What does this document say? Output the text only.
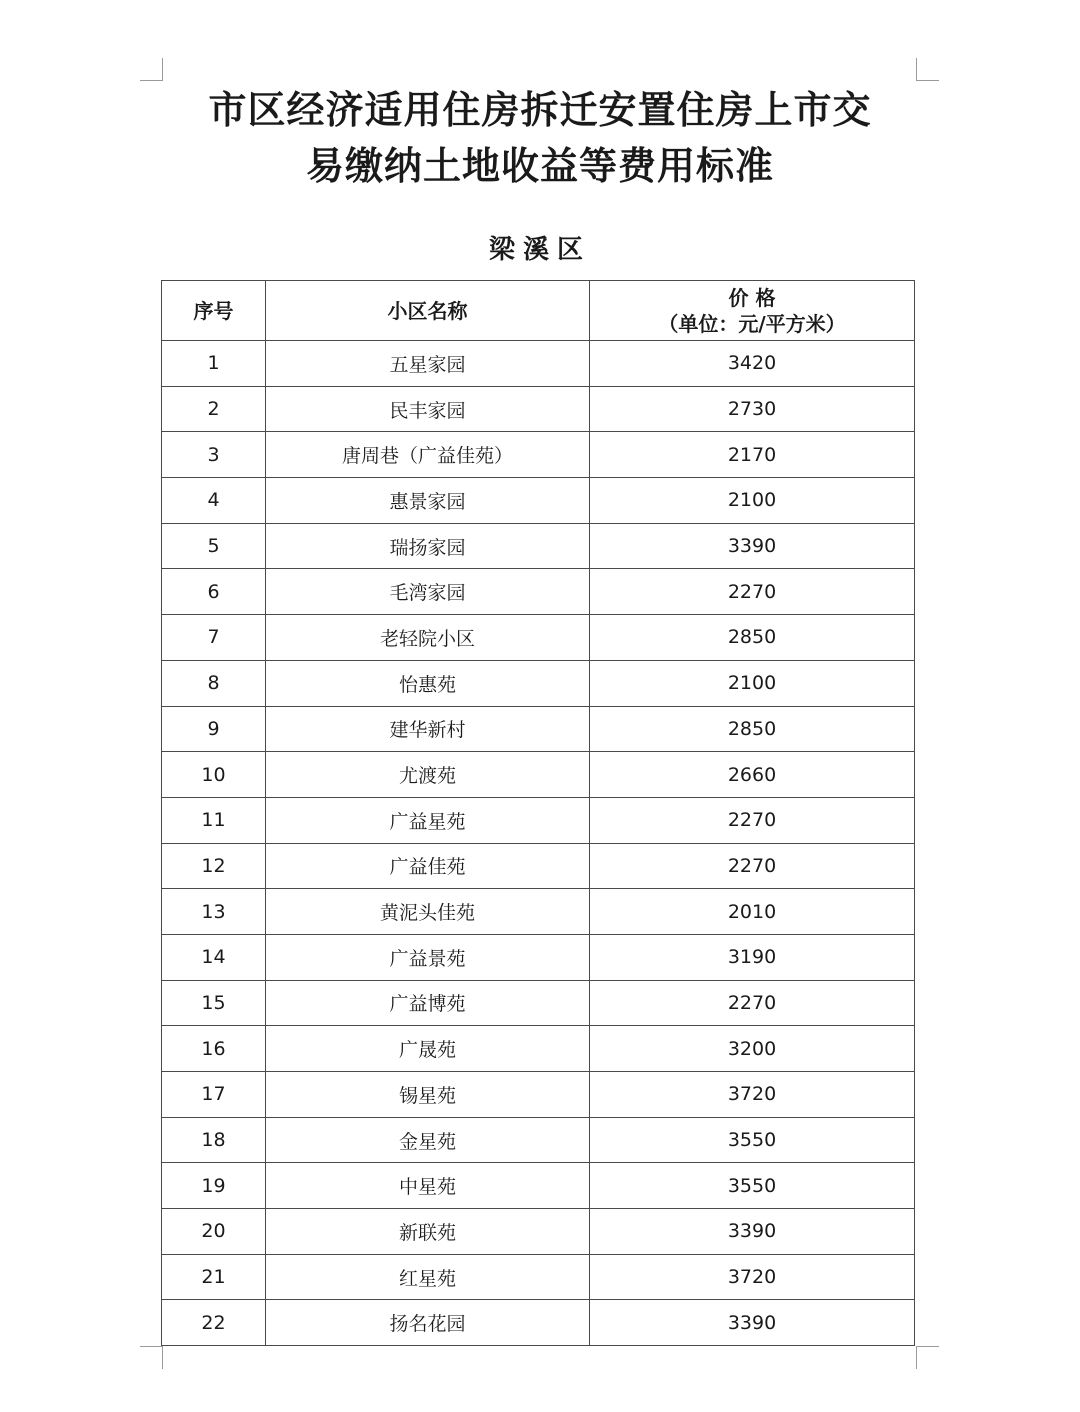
市区经济适用住房拆迁安置住房上市交
易缴纳土地收益等费用标准
梁溪区
序号	小区名称	价 格
（单位：元/平方米）

1	五星家园	3420
2	民丰家园	2730
3	唐周巷（广益佳苑）	2170
4	惠景家园	2100
5	瑞扬家园	3390
6	毛湾家园	2270
7	老轻院小区	2850
8	怡惠苑	2100
9	建华新村	2850
10	尤渡苑	2660
11	广益星苑	2270
12	广益佳苑	2270
13	黄泥头佳苑	2010
14	广益景苑	3190
15	广益博苑	2270
16	广晟苑	3200
17	锡星苑	3720
18	金星苑	3550
19	中星苑	3550
20	新联苑	3390
21	红星苑	3720
22	扬名花园	3390
